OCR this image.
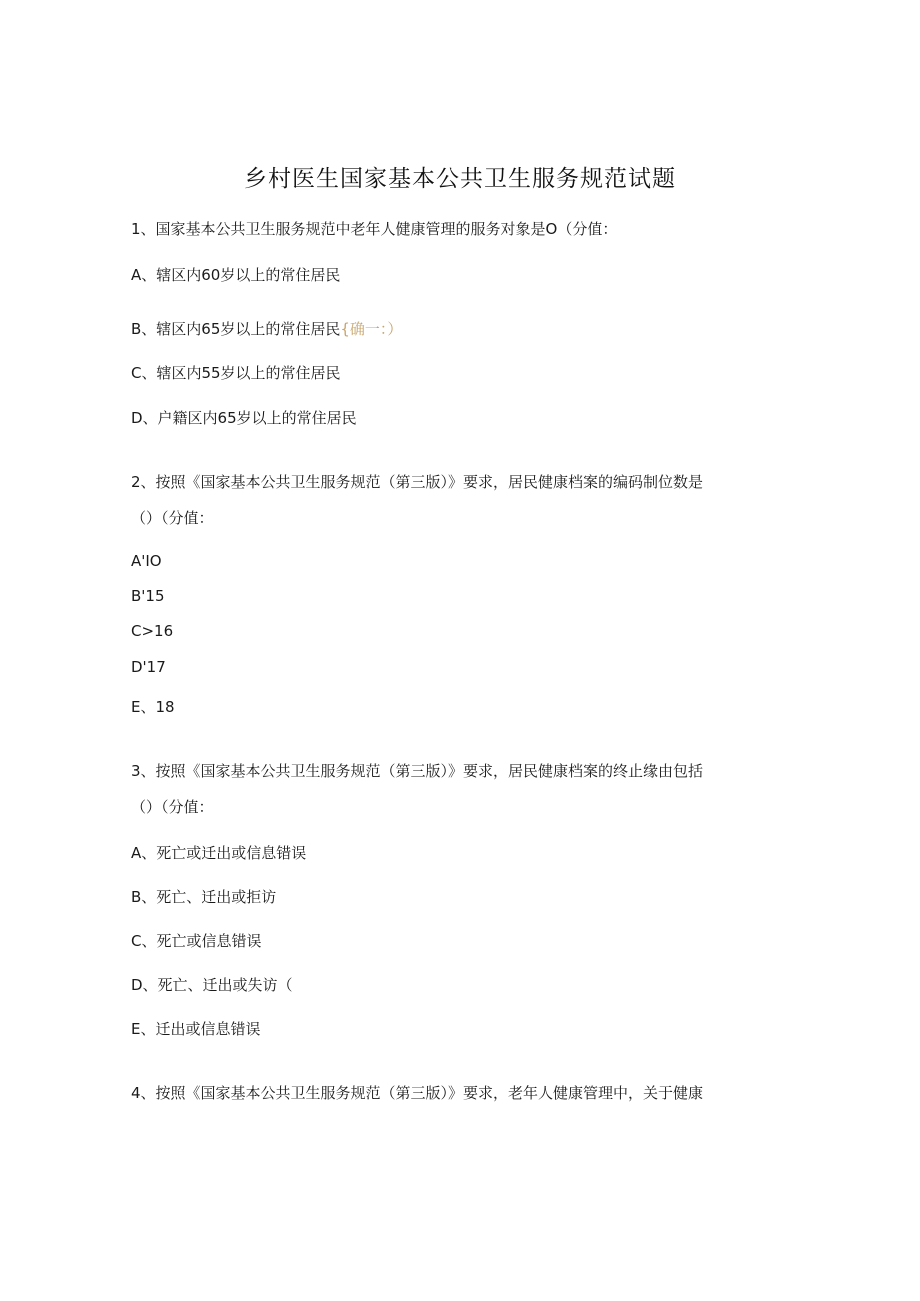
乡村医生国家基本公共卫生服务规范试题
1、国家基本公共卫生服务规范中老年人健康管理的服务对象是O（分值：
A、辖区内60岁以上的常住居民
B、辖区内65岁以上的常住居民{确一：）
C、辖区内55岁以上的常住居民
D、户籍区内65岁以上的常住居民
2、按照《国家基本公共卫生服务规范（第三版）》要求，居民健康档案的编码制位数是
（）（分值：
A'IO
B'15
C>16
D'17
E、18
3、按照《国家基本公共卫生服务规范（第三版）》要求，居民健康档案的终止缘由包括
（）（分值：
A、死亡或迁出或信息错误
B、死亡、迁出或拒访
C、死亡或信息错误
D、死亡、迁出或失访（
E、迁出或信息错误
4、按照《国家基本公共卫生服务规范（第三版）》要求，老年人健康管理中，关于健康
